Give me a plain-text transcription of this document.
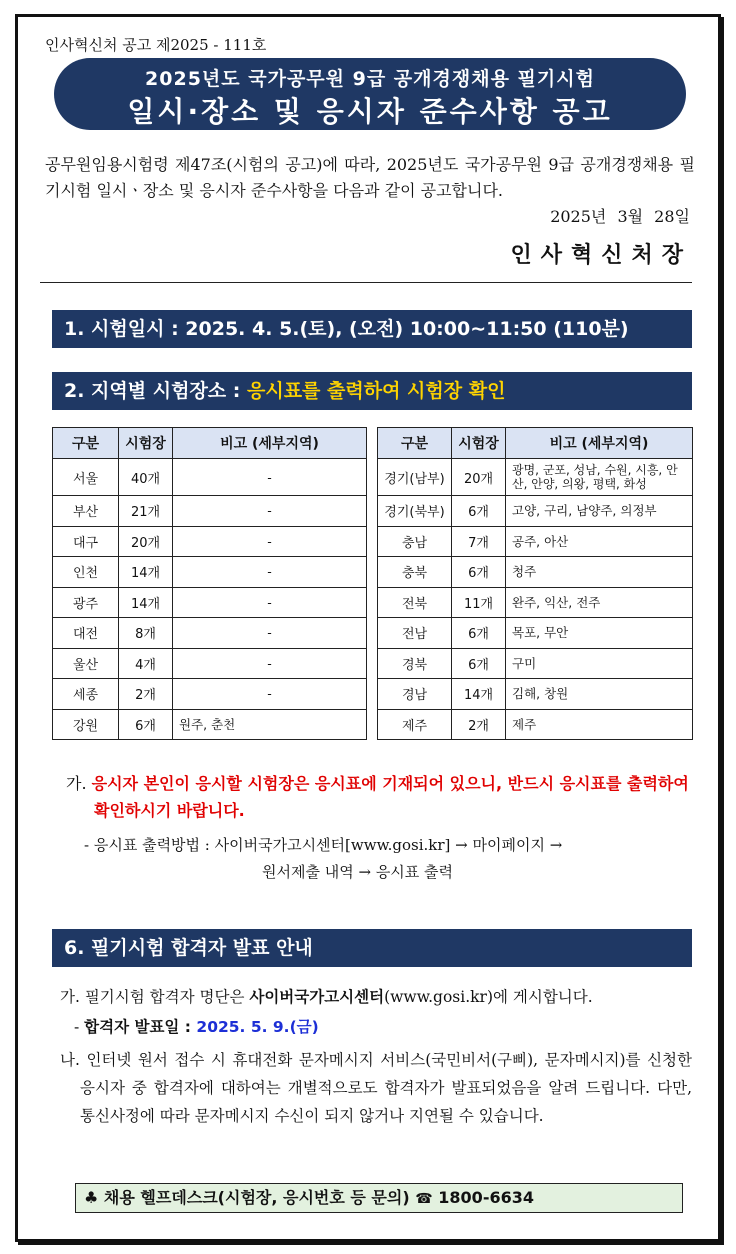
인사혁신처 공고 제2025 - 111호
2025년도 국가공무원 9급 공개경쟁채용 필기시험
일시·장소 및 응시자 준수사항 공고
공무원임용시험령 제47조(시험의 공고)에 따라, 2025년도 국가공무원 9급 공개경쟁채용 필기시험 일시ㆍ장소 및 응시자 준수사항을 다음과 같이 공고합니다.
2025년 3월 28일
인사혁신처장
1. 시험일시 : 2025. 4. 5.(토), (오전) 10:00∼11:50 (110분)
2. 지역별 시험장소 : 응시표를 출력하여 시험장 확인
구분	시험장	비고 (세부지역)
서울	40개	-
부산	21개	-
대구	20개	-
인천	14개	-
광주	14개	-
대전	8개	-
울산	4개	-
세종	2개	-
강원	6개	원주, 춘천
구분	시험장	비고 (세부지역)
경기(남부)	20개	광명, 군포, 성남, 수원, 시흥, 안산, 안양, 의왕, 평택, 화성
경기(북부)	6개	고양, 구리, 남양주, 의정부
충남	7개	공주, 아산
충북	6개	청주
전북	11개	완주, 익산, 전주
전남	6개	목포, 무안
경북	6개	구미
경남	14개	김해, 창원
제주	2개	제주
가. 응시자 본인이 응시할 시험장은 응시표에 기재되어 있으니, 반드시 응시표를 출력하여 확인하시기 바랍니다.
- 응시표 출력방법 : 사이버국가고시센터[www.gosi.kr] → 마이페이지 →
원서제출 내역 → 응시표 출력
6. 필기시험 합격자 발표 안내
가. 필기시험 합격자 명단은 사이버국가고시센터(www.gosi.kr)에 게시합니다.
- 합격자 발표일 : 2025. 5. 9.(금)
나. 인터넷 원서 접수 시 휴대전화 문자메시지 서비스(국민비서(구삐), 문자메시지)를 신청한 응시자 중 합격자에 대하여는 개별적으로도 합격자가 발표되었음을 알려 드립니다. 다만, 통신사정에 따라 문자메시지 수신이 되지 않거나 지연될 수 있습니다.
♣ 채용 헬프데스크(시험장, 응시번호 등 문의) ☎ 1800-6634
